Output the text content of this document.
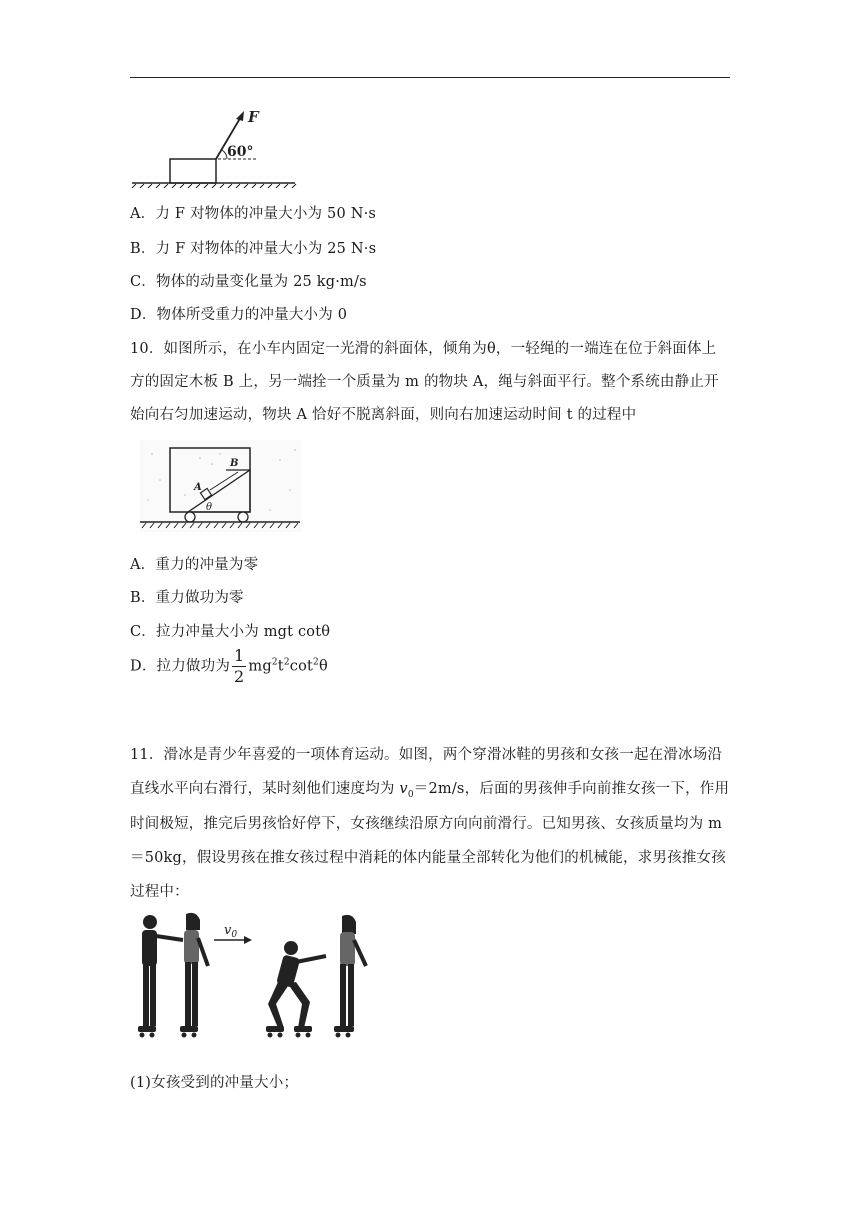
F
60°
A．力 F 对物体的冲量大小为 50 N·s
B．力 F 对物体的冲量大小为 25 N·s
C．物体的动量变化量为 25 kg·m/s
D．物体所受重力的冲量大小为 0
10．如图所示，在小车内固定一光滑的斜面体，倾角为θ，一轻绳的一端连在位于斜面体上
方的固定木板 B 上，另一端拴一个质量为 m 的物块 A，绳与斜面平行。整个系统由静止开
始向右匀加速运动，物块 A 恰好不脱离斜面，则向右加速运动时间 t 的过程中
A
B
θ
A．重力的冲量为零
B．重力做功为零
C．拉力冲量大小为 mgt cotθ
D．拉力做功为 $\frac{1}{2} mg^2t^2\cot^2\theta$
11．滑冰是青少年喜爱的一项体育运动。如图，两个穿滑冰鞋的男孩和女孩一起在滑冰场沿
直线水平向右滑行，某时刻他们速度均为 $v_0=2m/s$，后面的男孩伸手向前推女孩一下，作用
时间极短，推完后男孩恰好停下，女孩继续沿原方向向前滑行。已知男孩、女孩质量均为 m
＝50kg，假设男孩在推女孩过程中消耗的体内能量全部转化为他们的机械能，求男孩推女孩
过程中：
$v_0$
(1)女孩受到的冲量大小；
